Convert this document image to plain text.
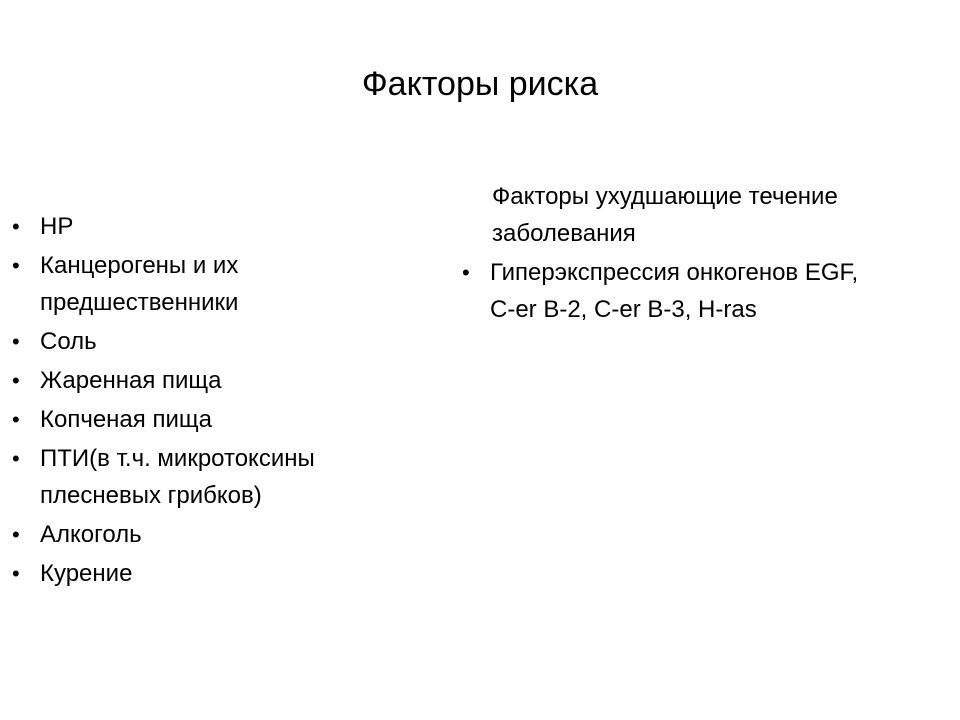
Факторы риска
• НР
• Канцерогены и их
предшественники
• Соль
• Жаренная пища
• Копченая пища
• ПТИ(в т.ч. микротоксины
плесневых грибков)
• Алкоголь
• Курение

Факторы ухудшающие течение
заболевания

• Гиперэкспрессия онкогенов EGF,
C-er B-2, C-er B-3, H-ras
